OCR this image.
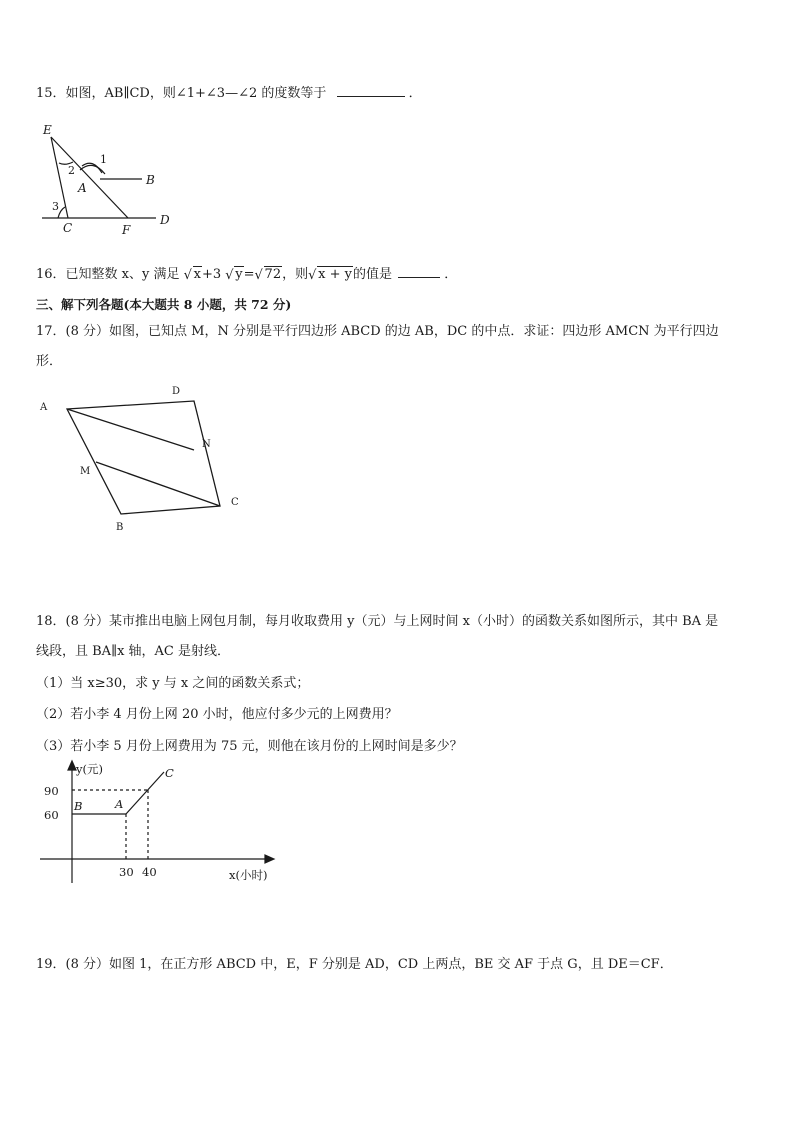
15．如图，AB∥CD，则∠1+∠3—∠2 的度数等于	．
E
1
2
A
B
3
C	F
D
16．已知整数 x、y 满足 √ x+3 √ y= √ 72，则 √ x + y的值是	．
三、解下列各题(本大题共 8 小题，共 72 分)
17．(8 分）如图，已知点 M，N 分别是平行四边形 ABCD 的边 AB，DC 的中点．求证：四边形 AMCN 为平行四边
形．
A
D
N
M
C
B
18．(8 分）某市推出电脑上网包月制，每月收取费用 y（元）与上网时间 x（小时）的函数关系如图所示，其中 BA 是
线段，且 BA∥x 轴，AC 是射线．
（1）当 x≥30，求 y 与 x 之间的函数关系式；
（2）若小李 4 月份上网 20 小时，他应付多少元的上网费用？
（3）若小李 5 月份上网费用为 75 元，则他在该月份的上网时间是多少？
y(元)
90
60
B	A
C
30 40	x(小时)
19．(8 分）如图 1，在正方形 ABCD 中，E，F 分别是 AD，CD 上两点，BE 交 AF 于点 G，且 DE＝CF．
